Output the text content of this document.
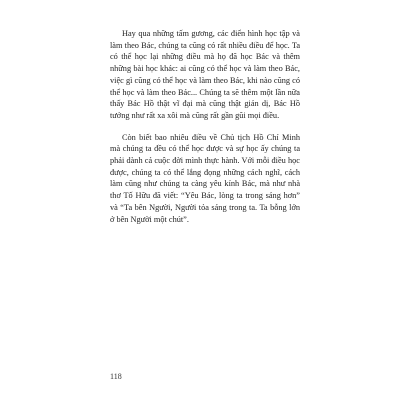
Hay qua những tấm gương, các điển hình học tập và làm theo Bác, chúng ta cũng có rất nhiều điều để học. Ta có thể học lại những điều mà họ đã học Bác và thêm những bài học khác: ai cũng có thể học và làm theo Bác, việc gì cũng có thể học và làm theo Bác, khi nào cũng có thể học và làm theo Bác... Chúng ta sẽ thêm một lần nữa thấy Bác Hồ thật vĩ đại mà cũng thật giản dị, Bác Hồ tưởng như rất xa xôi mà cũng rất gần gũi mọi điều.

Còn biết bao nhiêu điều về Chủ tịch Hồ Chí Minh mà chúng ta đều có thể học được và sự học ấy chúng ta phải dành cả cuộc đời mình thực hành. Với mỗi điều học được, chúng ta có thể lắng đọng những cách nghĩ, cách làm cũng như chúng ta càng yêu kính Bác, mà như nhà thơ Tố Hữu đã viết: “Yêu Bác, lòng ta trong sáng hơn” và “Ta bên Người, Người tỏa sáng trong ta. Ta bỗng lớn ở bên Người một chút”.

118
